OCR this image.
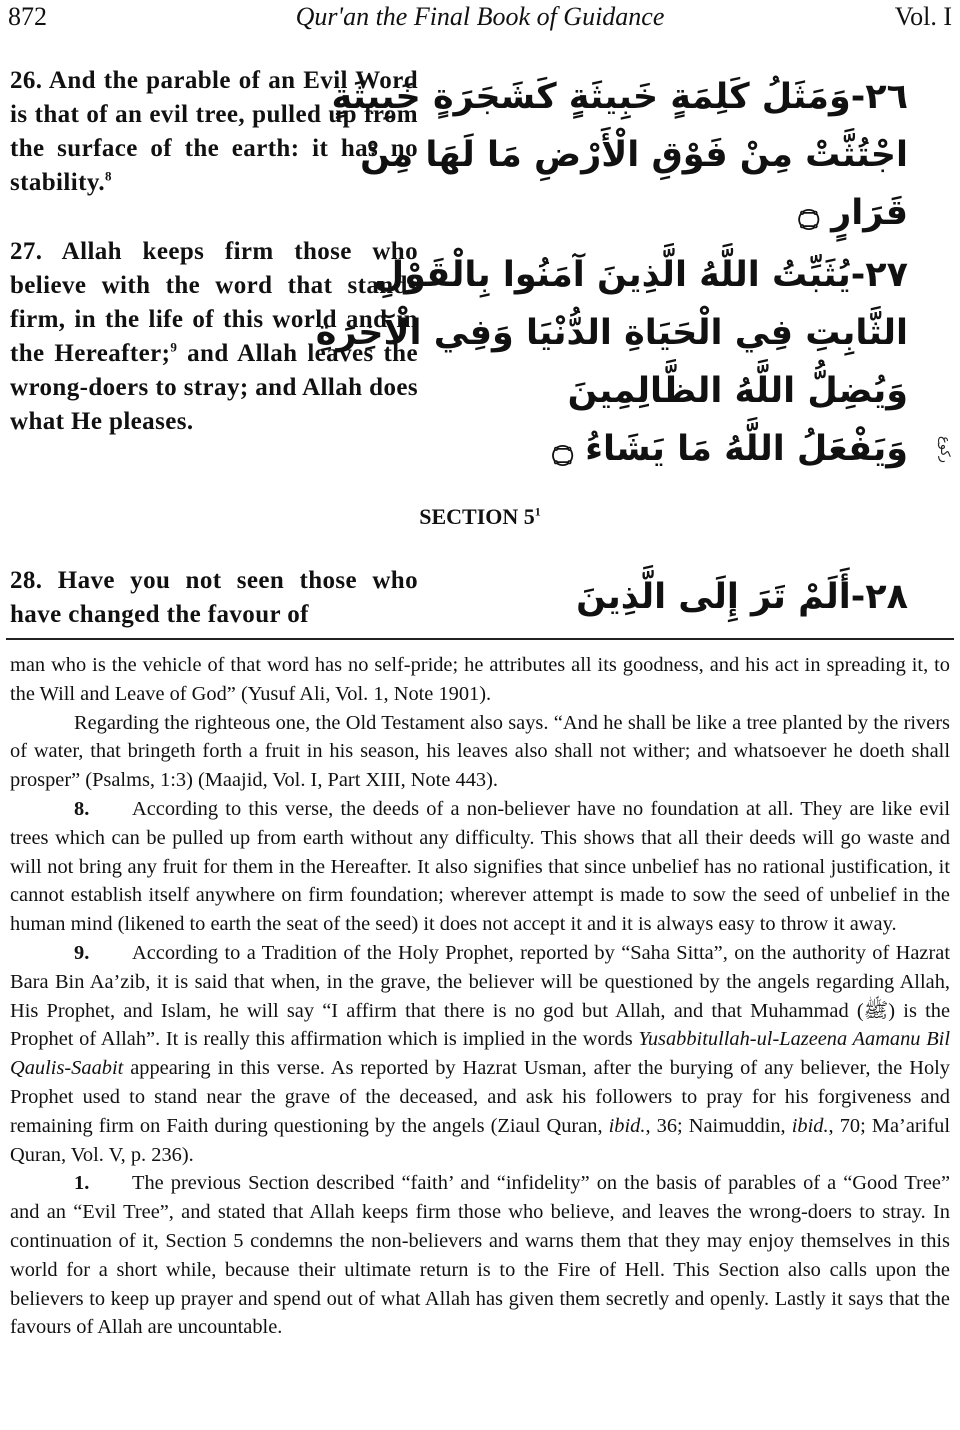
872	Qur'an the Final Book of Guidance	Vol. I
26. And the parable of an Evil Word is that of an evil tree, pulled up from the surface of the earth: it has no stability.$^8$
٢٦-وَمَثَلُ كَلِمَةٍ خَبِيثَةٍ كَشَجَرَةٍ خَبِيثَةٍ
اجْتُثَّتْ مِنْ فَوْقِ الْأَرْضِ مَا لَهَا مِنْ
قَرَارٍ ۝
27. Allah keeps firm those who believe with the word that stands firm, in the life of this world and in the Hereafter;$^9$ and Allah leaves the wrong-doers to stray; and Allah does what He pleases.
٢٧-يُثَبِّتُ اللَّهُ الَّذِينَ آمَنُوا بِالْقَوْلِ
الثَّابِتِ فِي الْحَيَاةِ الدُّنْيَا وَفِي الْآخِرَةِ
وَيُضِلُّ اللَّهُ الظَّالِمِينَ
وَيَفْعَلُ اللَّهُ مَا يَشَاءُ ۝	ركوع
SECTION $5^1$
28. Have you not seen those who have changed the favour of	٢٨-أَلَمْ تَرَ إِلَى الَّذِينَ

man who is the vehicle of that word has no self-pride; he attributes all its goodness, and his act in spreading it, to the Will and Leave of God” (Yusuf Ali, Vol. 1, Note 1901).

Regarding the righteous one, the Old Testament also says. “And he shall be like a tree planted by the rivers of water, that bringeth forth a fruit in his season, his leaves also shall not wither; and whatsoever he doeth shall prosper” (Psalms, 1:3) (Maajid, Vol. I, Part XIII, Note 443).

8. According to this verse, the deeds of a non-believer have no foundation at all. They are like evil trees which can be pulled up from earth without any difficulty. This shows that all their deeds will go waste and will not bring any fruit for them in the Hereafter. It also signifies that since unbelief has no rational justification, it cannot establish itself anywhere on firm foundation; wherever attempt is made to sow the seed of unbelief in the human mind (likened to earth the seat of the seed) it does not accept it and it is always easy to throw it away.

9. According to a Tradition of the Holy Prophet, reported by “Saha Sitta”, on the authority of Hazrat Bara Bin Aa’zib, it is said that when, in the grave, the believer will be questioned by the angels regarding Allah, His Prophet, and Islam, he will say “I affirm that there is no god but Allah, and that Muhammad (ﷺ) is the Prophet of Allah”. It is really this affirmation which is implied in the words Yusabbitullah-ul-Lazeena Aamanu Bil Qaulis-Saabit appearing in this verse. As reported by Hazrat Usman, after the burying of any believer, the Holy Prophet used to stand near the grave of the deceased, and ask his followers to pray for his forgiveness and remaining firm on Faith during questioning by the angels (Ziaul Quran, ibid., 36; Naimuddin, ibid., 70; Ma’ariful Quran, Vol. V, p. 236).

1. The previous Section described “faith’ and “infidelity” on the basis of parables of a “Good Tree” and an “Evil Tree”, and stated that Allah keeps firm those who believe, and leaves the wrong-doers to stray. In continuation of it, Section 5 condemns the non-believers and warns them that they may enjoy themselves in this world for a short while, because their ultimate return is to the Fire of Hell. This Section also calls upon the believers to keep up prayer and spend out of what Allah has given them secretly and openly. Lastly it says that the favours of Allah are uncountable.
